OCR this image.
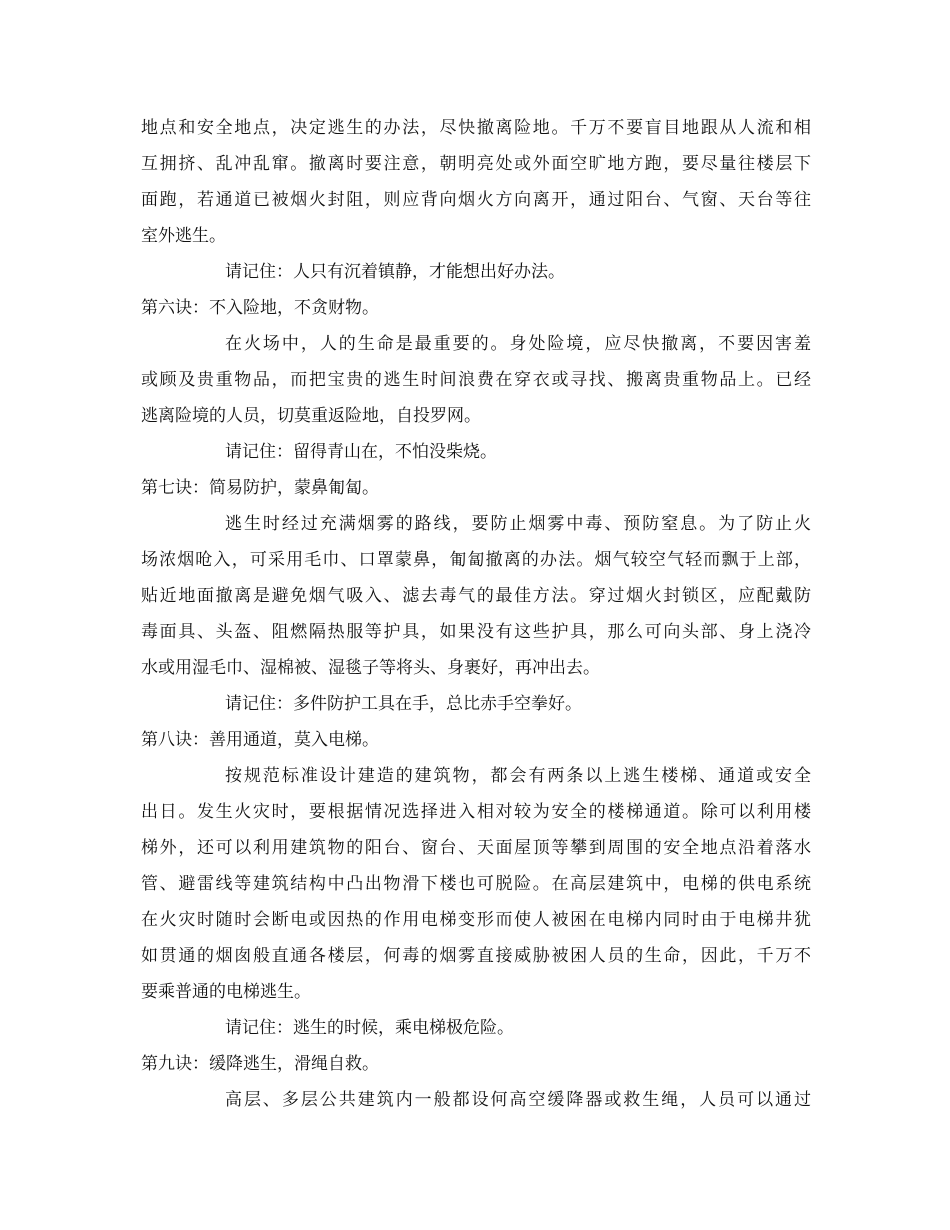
地点和安全地点，决定逃生的办法，尽快撤离险地。千万不要盲目地跟从人流和相
互拥挤、乱冲乱窜。撤离时要注意，朝明亮处或外面空旷地方跑，要尽量往楼层下
面跑，若通道已被烟火封阻，则应背向烟火方向离开，通过阳台、气窗、天台等往
室外逃生。
请记住：人只有沉着镇静，才能想出好办法。
第六诀：不入险地，不贪财物。
在火场中，人的生命是最重要的。身处险境，应尽快撤离，不要因害羞
或顾及贵重物品，而把宝贵的逃生时间浪费在穿衣或寻找、搬离贵重物品上。已经
逃离险境的人员，切莫重返险地，自投罗网。
请记住：留得青山在，不怕没柴烧。
第七诀：简易防护，蒙鼻匍匐。
逃生时经过充满烟雾的路线，要防止烟雾中毒、预防窒息。为了防止火
场浓烟呛入，可采用毛巾、口罩蒙鼻，匍匐撤离的办法。烟气较空气轻而飘于上部，
贴近地面撤离是避免烟气吸入、滤去毒气的最佳方法。穿过烟火封锁区，应配戴防
毒面具、头盔、阻燃隔热服等护具，如果没有这些护具，那么可向头部、身上浇冷
水或用湿毛巾、湿棉被、湿毯子等将头、身裹好，再冲出去。
请记住：多件防护工具在手，总比赤手空拳好。
第八诀：善用通道，莫入电梯。
按规范标准设计建造的建筑物，都会有两条以上逃生楼梯、通道或安全
出日。发生火灾时，要根据情况选择进入相对较为安全的楼梯通道。除可以利用楼
梯外，还可以利用建筑物的阳台、窗台、天面屋顶等攀到周围的安全地点沿着落水
管、避雷线等建筑结构中凸出物滑下楼也可脱险。在高层建筑中，电梯的供电系统
在火灾时随时会断电或因热的作用电梯变形而使人被困在电梯内同时由于电梯井犹
如贯通的烟囱般直通各楼层，何毒的烟雾直接威胁被困人员的生命，因此，千万不
要乘普通的电梯逃生。
请记住：逃生的时候，乘电梯极危险。
第九诀：缓降逃生，滑绳自救。
高层、多层公共建筑内一般都设何高空缓降器或救生绳，人员可以通过
